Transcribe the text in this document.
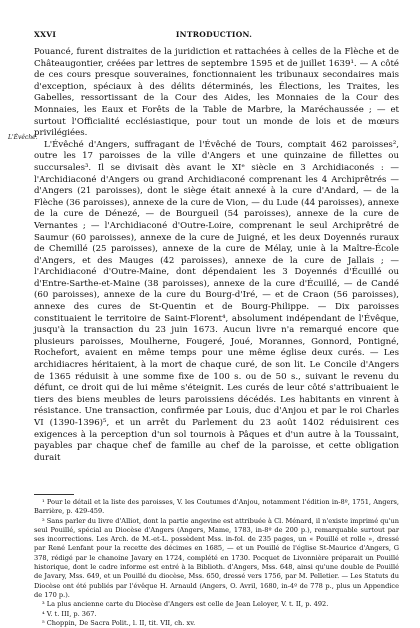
XXVI	INTRODUCTION.
L'Évêché.

Pouancé, furent distraites de la juridiction et rattachées à celles de la Flèche et de Châteaugontier, créées par lettres de septembre 1595 et de juillet 1639¹. — A côté de ces cours presque souveraines, fonctionnaient les tribunaux secondaires mais d'exception, spéciaux à des délits déterminés, les Élections, les Traites, les Gabelles, ressortissant de la Cour des Aides, les Monnaies de la Cour des Monnaies, les Eaux et Forêts de la Table de Marbre, la Maréchaussée ; — et surtout l'Officialité ecclésiastique, pour tout un monde de lois et de mœurs privilégiées.

L'Évêché d'Angers, suffragant de l'Évêché de Tours, comptait 462 paroisses², outre les 17 paroisses de la ville d'Angers et une quinzaine de fillettes ou succursales³. Il se divisait dès avant le XIᵉ siècle en 3 Archidiaconés : — l'Archidiaconé d'Angers ou grand Archidiaconé comprenant les 4 Archiprêtrés — d'Angers (21 paroisses), dont le siège était annexé à la cure d'Andard, — de la Flèche (36 paroisses), annexe de la cure de Vion, — du Lude (44 paroisses), annexe de la cure de Dénezé, — de Bourgueil (54 paroisses), annexe de la cure de Vernantes ; — l'Archidiaconé d'Outre-Loire, comprenant le seul Archiprêtré de Saumur (60 paroisses), annexe de la cure de Juigné, et les deux Doyennés ruraux de Chemillé (25 paroisses), annexe de la cure de Mélay, unie à la Maître-École d'Angers, et des Mauges (42 paroisses), annexe de la cure de Jallais ; — l'Archidiaconé d'Outre-Maine, dont dépendaient les 3 Doyennés d'Écuillé ou d'Entre-Sarthe-et-Maine (38 paroisses), annexe de la cure d'Écuillé, — de Candé (60 paroisses), annexe de la cure du Bourg-d'Iré, — et de Craon (56 paroisses), annexe des cures de St-Quentin et de Bourg-Philippe. — Dix paroisses constituaient le territoire de Saint-Florent⁴, absolument indépendant de l'Évêque, jusqu'à la transaction du 23 juin 1673. Aucun livre n'a remarqué encore que plusieurs paroisses, Moulherne, Fougeré, Joué, Morannes, Gonnord, Pontigné, Rochefort, avaient en même temps pour une même église deux curés. — Les archidiacres héritaient, à la mort de chaque curé, de son lit. Le Concile d'Angers de 1365 réduisit à une somme fixe de 100 s. ou de 50 s., suivant le revenu du défunt, ce droit qui de lui même s'éteignit. Les curés de leur côté s'attribuaient le tiers des biens meubles de leurs paroissiens décédés. Les habitants en vinrent à résistance. Une transaction, confirmée par Louis, duc d'Anjou et par le roi Charles VI (1390-1396)⁵, et un arrêt du Parlement du 23 août 1402 réduisirent ces exigences à la perception d'un sol tournois à Pâques et d'un autre à la Toussaint, payables par chaque chef de famille au chef de la paroisse, et cette obligation durait

¹ Pour le détail et la liste des paroisses, V. les Coutumes d'Anjou, notamment l'édition in-8º, 1751, Angers, Barrière, p. 429-459.

² Sans parler du livre d'Alliot, dont la partie angevine est attribuée à Cl. Ménard, il n'existe imprimé qu'un seul Pouillé, spécial au Diocèse d'Angers (Angers, Mame, 1783, in-8º de 200 p.), remarquable surtout par ses incorrections. Les Arch. de M.-et-L. possèdent Mss. in-fol. de 235 pages, un « Pouillé et rolle », dressé par René Lenfant pour la recette des décimes en 1685, — et un Pouillé de l'église St-Maurice d'Angers, G 378, rédigé par le chanoine Javary en 1724, complété en 1730. Pocquet de Livonnière préparait un Pouillé historique, dont le cadre informe est entré à la Biblioth. d'Angers, Mss. 648, ainsi qu'une double de Pouillé de Javary, Mss. 649, et un Pouillé du diocèse, Mss. 650, dressé vers 1756, par M. Pelletier. — Les Statuts du Diocèse ont été publiés par l'évêque H. Arnauld (Angers, O. Avril, 1680, in-4º de 778 p., plus un Appendice de 170 p.).

³ La plus ancienne carte du Diocèse d'Angers est celle de Jean Leloyer, V. t. II, p. 492.

⁴ V. t. III, p. 367.

⁵ Choppin, De Sacra Polit., l. II, tit. VII, ch. xv.
